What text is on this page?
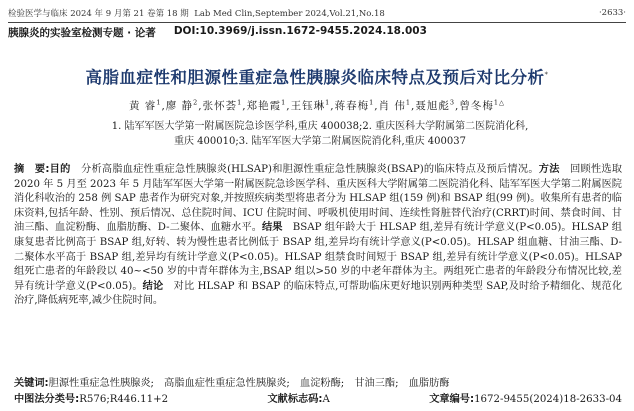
检验医学与临床 2024 年 9 月第 21 卷第 18 期 Lab Med Clin,September 2024,Vol.21,No.18	·2633·
胰腺炎的实验室检测专题 · 论著 DOI:10.3969/j.issn.1672-9455.2024.18.003
高脂血症性和胆源性重症急性胰腺炎临床特点及预后对比分析*
黄 睿$^1$,廖 静$^2$,张怀荟$^1$,郑艳霞$^1$,王钰琳$^1$,蒋春梅$^1$,肖 伟$^1$,聂旭彪$^3$,曾冬梅$^{1\triangle}$
1. 陆军军医大学第一附属医院急诊医学科,重庆 400038;2. 重庆医科大学附属第二医院消化科,
重庆 400010;3. 陆军军医大学第二附属医院消化科,重庆 400037

摘　要:目的　 分析高脂血症性重症急性胰腺炎(HLSAP)和胆源性重症急性胰腺炎(BSAP)的临床特点及预后情况。方法　 回顾性选取 2020 年 5 月至 2023 年 5 月陆军军医大学第一附属医院急诊医学科、重庆医科大学附属第二医院消化科、陆军军医大学第二附属医院消化科收治的 258 例 SAP 患者作为研究对象,并按照疾病类型将患者分为 HLSAP 组(159 例)和 BSAP 组(99 例)。收集所有患者的临床资料,包括年龄、性别、预后情况、总住院时间、ICU 住院时间、呼吸机使用时间、连续性肾脏替代治疗(CRRT)时间、禁食时间、甘油三酯、血淀粉酶、血脂肪酶、D-二聚体、血糖水平。结果　 BSAP 组年龄大于 HLSAP 组,差异有统计学意义(P<0.05)。HLSAP 组康复患者比例高于 BSAP 组,好转、转为慢性患者比例低于 BSAP 组,差异均有统计学意义(P<0.05)。HLSAP 组血糖、甘油三酯、D-二聚体水平高于 BSAP 组,差异均有统计学意义(P<0.05)。HLSAP 组禁食时间短于 BSAP 组,差异有统计学意义(P<0.05)。HLSAP 组死亡患者的年龄段以 40~<50 岁的中青年群体为主,BSAP 组以>50 岁的中老年群体为主。两组死亡患者的年龄段分布情况比较,差异有统计学意义(P<0.05)。结论　 对比 HLSAP 和 BSAP 的临床特点,可帮助临床更好地识别两种类型 SAP,及时给予精细化、规范化治疗,降低病死率,减少住院时间。

关键词:胆源性重症急性胰腺炎;　高脂血症性重症急性胰腺炎;　血淀粉酶;　甘油三酯;　血脂肪酶
中图法分类号:R576;R446.11+2	文献标志码:A	文章编号:1672-9455(2024)18-2633-04
